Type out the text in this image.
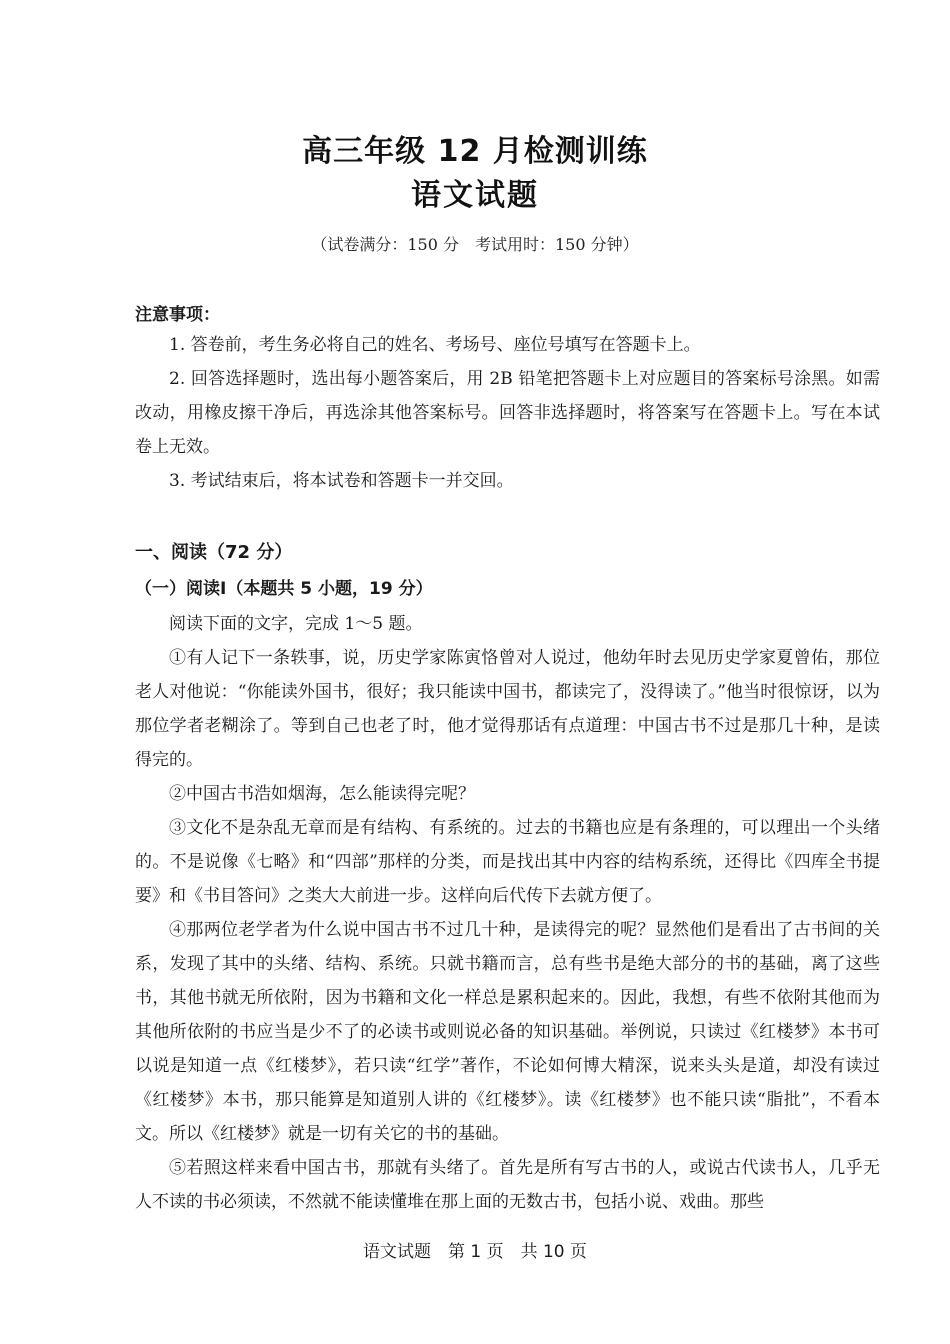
高三年级 12 月检测训练
语文试题
（试卷满分：150 分　考试用时：150 分钟）
注意事项：

1. 答卷前，考生务必将自己的姓名、考场号、座位号填写在答题卡上。

2. 回答选择题时，选出每小题答案后，用 2B 铅笔把答题卡上对应题目的答案标号涂黑。如需改动，用橡皮擦干净后，再选涂其他答案标号。回答非选择题时，将答案写在答题卡上。写在本试卷上无效。

3. 考试结束后，将本试卷和答题卡一并交回。

一、阅读（72 分）
（一）阅读Ⅰ（本题共 5 小题，19 分）

阅读下面的文字，完成 1～5 题。

①有人记下一条轶事，说，历史学家陈寅恪曾对人说过，他幼年时去见历史学家夏曾佑，那位老人对他说：“你能读外国书，很好；我只能读中国书，都读完了，没得读了。”他当时很惊讶，以为那位学者老糊涂了。等到自己也老了时，他才觉得那话有点道理：中国古书不过是那几十种，是读得完的。

②中国古书浩如烟海，怎么能读得完呢？

③文化不是杂乱无章而是有结构、有系统的。过去的书籍也应是有条理的，可以理出一个头绪的。不是说像《七略》和“四部”那样的分类，而是找出其中内容的结构系统，还得比《四库全书提要》和《书目答问》之类大大前进一步。这样向后代传下去就方便了。

④那两位老学者为什么说中国古书不过几十种，是读得完的呢？显然他们是看出了古书间的关系，发现了其中的头绪、结构、系统。只就书籍而言，总有些书是绝大部分的书的基础，离了这些书，其他书就无所依附，因为书籍和文化一样总是累积起来的。因此，我想，有些不依附其他而为其他所依附的书应当是少不了的必读书或则说必备的知识基础。举例说，只读过《红楼梦》本书可以说是知道一点《红楼梦》，若只读“红学”著作，不论如何博大精深，说来头头是道，却没有读过《红楼梦》本书，那只能算是知道别人讲的《红楼梦》。读《红楼梦》也不能只读“脂批”，不看本文。所以《红楼梦》就是一切有关它的书的基础。

⑤若照这样来看中国古书，那就有头绪了。首先是所有写古书的人，或说古代读书人，几乎无人不读的书必须读，不然就不能读懂堆在那上面的无数古书，包括小说、戏曲。那些

语文试题　第 1 页　共 10 页
